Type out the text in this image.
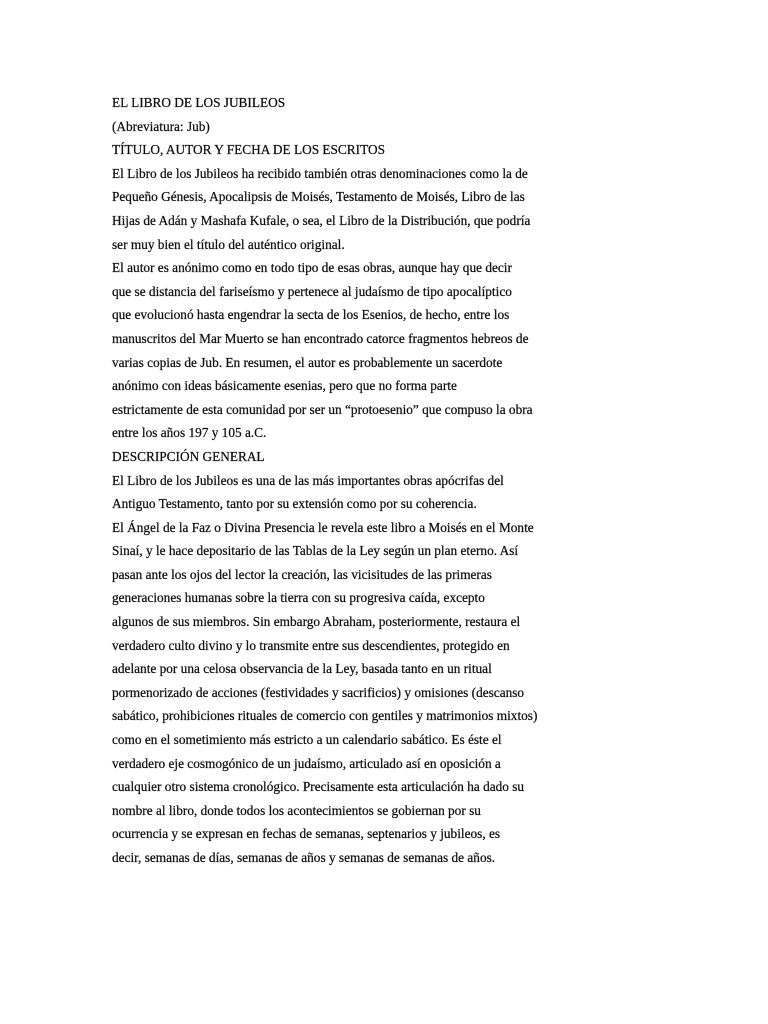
EL LIBRO DE LOS JUBILEOS
(Abreviatura: Jub)
TÍTULO, AUTOR Y FECHA DE LOS ESCRITOS
El Libro de los Jubileos ha recibido también otras denominaciones como la de
Pequeño Génesis, Apocalipsis de Moisés, Testamento de Moisés, Libro de las
Hijas de Adán y Mashafa Kufale, o sea, el Libro de la Distribución, que podría
ser muy bien el título del auténtico original.
El autor es anónimo como en todo tipo de esas obras, aunque hay que decir
que se distancia del fariseísmo y pertenece al judaísmo de tipo apocalíptico
que evolucionó hasta engendrar la secta de los Esenios, de hecho, entre los
manuscritos del Mar Muerto se han encontrado catorce fragmentos hebreos de
varias copias de Jub. En resumen, el autor es probablemente un sacerdote
anónimo con ideas básicamente esenias, pero que no forma parte
estrictamente de esta comunidad por ser un “protoesenio” que compuso la obra
entre los años 197 y 105 a.C.
DESCRIPCIÓN GENERAL
El Libro de los Jubileos es una de las más importantes obras apócrifas del
Antiguo Testamento, tanto por su extensión como por su coherencia.
El Ángel de la Faz o Divina Presencia le revela este libro a Moisés en el Monte
Sinaí, y le hace depositario de las Tablas de la Ley según un plan eterno. Así
pasan ante los ojos del lector la creación, las vicisitudes de las primeras
generaciones humanas sobre la tierra con su progresiva caída, excepto
algunos de sus miembros. Sin embargo Abraham, posteriormente, restaura el
verdadero culto divino y lo transmite entre sus descendientes, protegido en
adelante por una celosa observancia de la Ley, basada tanto en un ritual
pormenorizado de acciones (festividades y sacrificios) y omisiones (descanso
sabático, prohibiciones rituales de comercio con gentiles y matrimonios mixtos)
como en el sometimiento más estricto a un calendario sabático. Es éste el
verdadero eje cosmogónico de un judaísmo, articulado así en oposición a
cualquier otro sistema cronológico. Precisamente esta articulación ha dado su
nombre al libro, donde todos los acontecimientos se gobiernan por su
ocurrencia y se expresan en fechas de semanas, septenarios y jubileos, es
decir, semanas de días, semanas de años y semanas de semanas de años.
